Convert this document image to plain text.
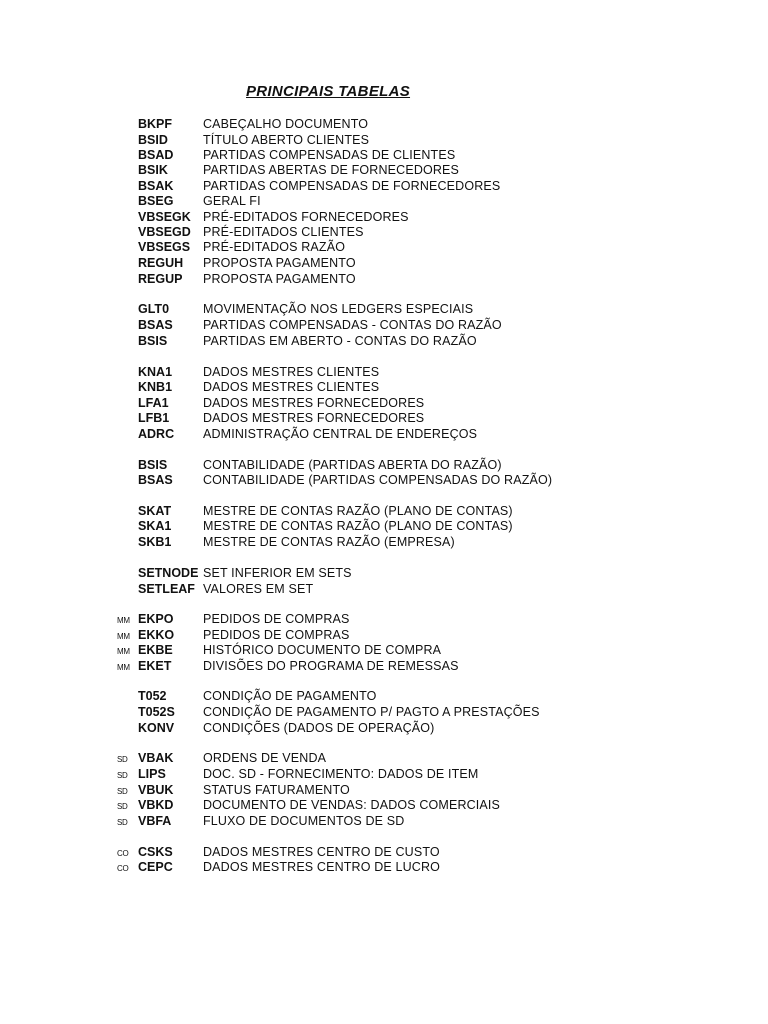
PRINCIPAIS TABELAS
BKPF CABEÇALHO DOCUMENTO
BSID	TÍTULO ABERTO CLIENTES
BSAD PARTIDAS COMPENSADAS DE CLIENTES
BSIK	PARTIDAS ABERTAS DE FORNECEDORES
BSAK PARTIDAS COMPENSADAS DE FORNECEDORES
BSEG GERAL FI
VBSEGK PRÉ-EDITADOS FORNECEDORES
VBSEGD PRÉ-EDITADOS CLIENTES
VBSEGS PRÉ-EDITADOS RAZÃO
REGUH PROPOSTA PAGAMENTO
REGUP PROPOSTA PAGAMENTO
GLT0	MOVIMENTAÇÃO NOS LEDGERS ESPECIAIS
BSAS PARTIDAS COMPENSADAS - CONTAS DO RAZÃO
BSIS	PARTIDAS EM ABERTO - CONTAS DO RAZÃO
KNA1 DADOS MESTRES CLIENTES
KNB1 DADOS MESTRES CLIENTES
LFA1	DADOS MESTRES FORNECEDORES
LFB1	DADOS MESTRES FORNECEDORES
ADRC ADMINISTRAÇÃO CENTRAL DE ENDEREÇOS
BSIS	CONTABILIDADE (PARTIDAS ABERTA DO RAZÃO)
BSAS CONTABILIDADE (PARTIDAS COMPENSADAS DO RAZÃO)
SKAT	MESTRE DE CONTAS RAZÃO (PLANO DE CONTAS)
SKA1	MESTRE DE CONTAS RAZÃO (PLANO DE CONTAS)
SKB1	MESTRE DE CONTAS RAZÃO (EMPRESA)
SETNODE SET INFERIOR EM SETS
SETLEAF VALORES EM SET
MM EKPO PEDIDOS DE COMPRAS
MM EKKO PEDIDOS DE COMPRAS
MM EKBE HISTÓRICO DOCUMENTO DE COMPRA
MM EKET	DIVISÕES DO PROGRAMA DE REMESSAS
T052	CONDIÇÃO DE PAGAMENTO
T052S CONDIÇÃO DE PAGAMENTO P/ PAGTO A PRESTAÇÕES
KONV CONDIÇÕES (DADOS DE OPERAÇÃO)
SD VBAK ORDENS DE VENDA
SD LIPS	DOC. SD - FORNECIMENTO: DADOS DE ITEM
SD VBUK STATUS FATURAMENTO
SD VBKD DOCUMENTO DE VENDAS: DADOS COMERCIAIS
SD VBFA	FLUXO DE DOCUMENTOS DE SD
CO CSKS DADOS MESTRES CENTRO DE CUSTO
CO CEPC DADOS MESTRES CENTRO DE LUCRO
